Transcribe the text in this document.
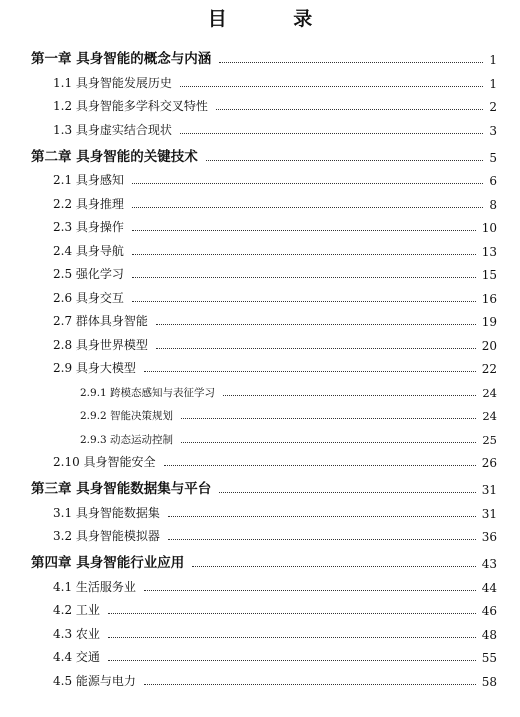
目 录
第一章 具身智能的概念与内涵	1
1.1 具身智能发展历史	1
1.2 具身智能多学科交叉特性	2
1.3 具身虚实结合现状	3
第二章 具身智能的关键技术	5
2.1 具身感知	6
2.2 具身推理	8
2.3 具身操作	10
2.4 具身导航	13
2.5 强化学习	15
2.6 具身交互	16
2.7 群体具身智能	19
2.8 具身世界模型	20
2.9 具身大模型	22
2.9.1 跨模态感知与表征学习	24
2.9.2 智能决策规划	24
2.9.3 动态运动控制	25
2.10 具身智能安全	26
第三章 具身智能数据集与平台	31
3.1 具身智能数据集	31
3.2 具身智能模拟器	36
第四章 具身智能行业应用	43
4.1 生活服务业	44
4.2 工业	46
4.3 农业	48
4.4 交通	55
4.5 能源与电力	58
